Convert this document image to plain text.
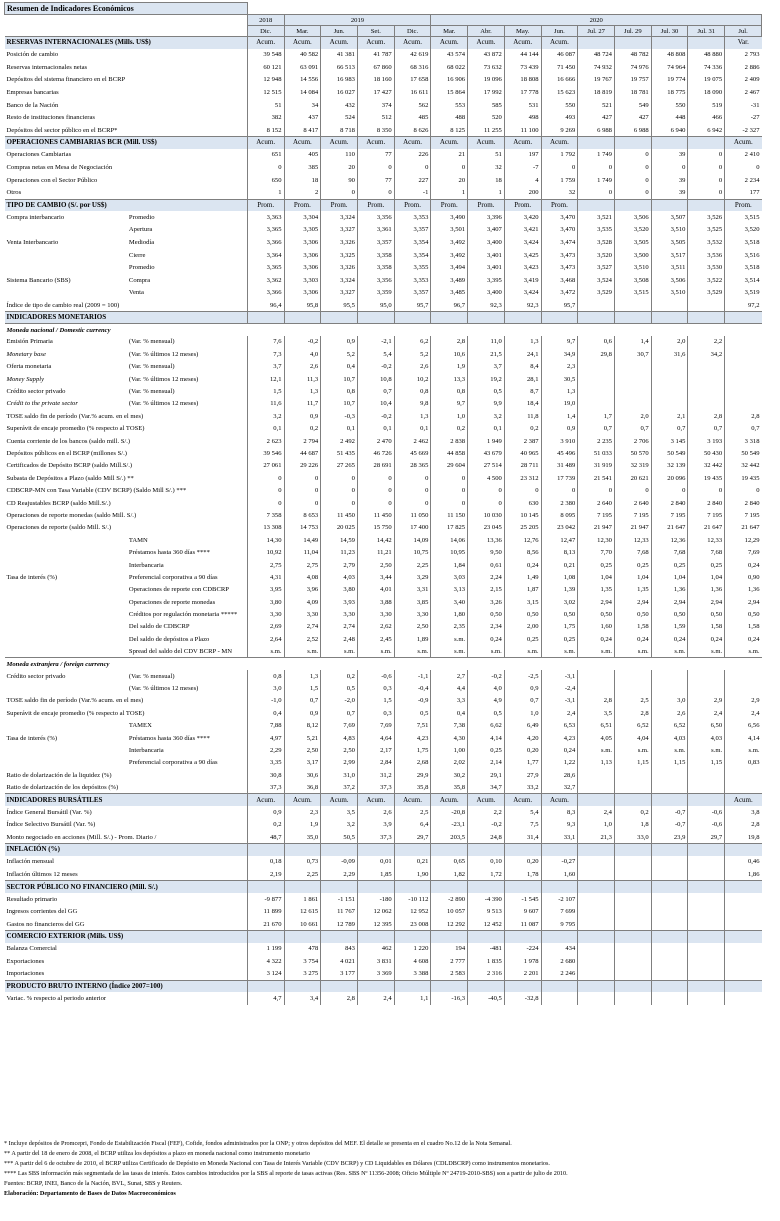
Resumen de Indicadores Económicos															
		2018	2019				2020								
		Dic.	Mar.	Jun.	Set.	Dic.	Mar.	Abr.	May.	Jun.	Jul. 27	Jul. 29	Jul. 30	Jul. 31	Jul.
RESERVAS INTERNACIONALES (Mills. US$)		Acum.	Acum.	Acum.	Acum.	Acum.	Acum.	Acum.	Acum.	Acum.					Var.
Posición de cambio		39 548	40 582	41 381	41 787	42 619	43 574	43 872	44 144	46 087	48 724	48 782	48 808	48 880	2 793
Reservas internacionales netas		60 121	63 091	66 513	67 860	68 316	68 022	73 632	73 439	71 450	74 932	74 976	74 964	74 336	2 886
Depósitos del sistema financiero en el BCRP		12 948	14 556	16 983	18 160	17 658	16 906	19 096	18 808	16 666	19 767	19 757	19 774	19 075	2 409
Empresas bancarias		12 515	14 084	16 027	17 427	16 611	15 864	17 992	17 778	15 623	18 819	18 781	18 775	18 090	2 467
Banco de la Nación		51	34	432	374	562	553	585	531	550	521	549	550	519	-31
Resto de instituciones financieras		382	437	524	512	485	488	520	498	493	427	427	448	466	-27
Depósitos del sector público en el BCRP*		8 152	8 417	8 718	8 350	8 626	8 125	11 255	11 100	9 269	6 988	6 988	6 940	6 942	-2 327
OPERACIONES CAMBIARIAS BCR (Mill. US$)		Acum.	Acum.	Acum.	Acum.	Acum.	Acum.	Acum.	Acum.	Acum.					Acum.
Operaciones Cambiarias		651	405	110	77	226	21	51	197	1 792	1 749	0	39	0	2 410
Compras netas en Mesa de Negociación		0	385	20	0	0	0	32	-7	0	0	0	0	0	0
Operaciones con el Sector Público		650	18	90	77	227	20	18	4	1 759	1 749	0	39	0	2 234
Otros		1	2	0	0	-1	1	1	200	32	0	0	39	0	177
TIPO DE CAMBIO (S/. por US$)		Prom.	Prom.	Prom.	Prom.	Prom.	Prom.	Prom.	Prom.	Prom.					Prom.
Compra interbancario	Promedio	3,363	3,304	3,324	3,356	3,353	3,490	3,396	3,420	3,470	3,521	3,506	3,507	3,526	3,515
	Apertura	3,365	3,305	3,327	3,361	3,357	3,501	3,407	3,421	3,470	3,535	3,520	3,510	3,525	3,520
Venta Interbancario	Mediodía	3,366	3,306	3,326	3,357	3,354	3,492	3,400	3,424	3,474	3,528	3,505	3,505	3,532	3,518
	Cierre	3,364	3,306	3,325	3,358	3,354	3,492	3,401	3,425	3,473	3,520	3,500	3,517	3,536	3,516
	Promedio	3,365	3,306	3,326	3,358	3,355	3,494	3,401	3,423	3,473	3,527	3,510	3,511	3,530	3,518
Sistema Bancario (SBS)	Compra	3,362	3,303	3,324	3,356	3,353	3,489	3,395	3,419	3,468	3,524	3,508	3,506	3,522	3,514
	Venta	3,366	3,306	3,327	3,359	3,357	3,485	3,400	3,424	3,472	3,529	3,515	3,510	3,529	3,519
Índice de tipo de cambio real (2009 = 100)		96,4	95,8	95,5	95,0	95,7	96,7	92,3	92,3	95,7					97,2
INDICADORES MONETARIOS															
Moneda nacional / Domestic currency															
Emisión Primaria	(Var. % mensual)	7,6	-0,2	0,9	-2,1	6,2	2,8	11,0	1,3	9,7	0,6	1,4	2,0	2,2	
Monetary base	(Var. % últimos 12 meses)	7,3	4,0	5,2	5,4	5,2	10,6	21,5	24,1	34,9	29,8	30,7	31,6	34,2	
Oferta monetaria	(Var. % mensual)	3,7	2,6	0,4	-0,2	2,6	1,9	3,7	8,4	2,3					
Money Supply	(Var. % últimos 12 meses)	12,1	11,3	10,7	10,8	10,2	13,3	19,2	28,1	30,5					
Crédito sector privado	(Var. % mensual)	1,5	1,3	0,8	0,7	0,8	0,8	0,5	8,7	1,3					
Crédit to the private sector	(Var. % últimos 12 meses)	11,6	11,7	10,7	10,4	9,8	9,7	9,9	18,4	19,0					
TOSE saldo fin de período (Var.% acum. en el mes)		3,2	0,9	-0,3	-0,2	1,3	1,0	3,2	11,8	1,4	1,7	2,0	2,1	2,8	2,8
Superávit de encaje promedio (% respecto al TOSE)		0,1	0,2	0,1	0,1	0,1	0,2	0,1	0,2	0,9	0,7	0,7	0,7	0,7	0,7
Cuenta corriente de los bancos (saldo mill. S/.)		2 623	2 794	2 492	2 470	2 462	2 838	1 949	2 387	3 910	2 235	2 706	3 145	3 193	3 318
Depósitos públicos en el BCRP (millones S/.)		39 546	44 687	51 435	46 726	45 669	44 858	43 679	40 965	45 496	51 033	50 570	50 549	50 430	50 549
Certificados de Depósito BCRP (saldo Mill.S/.)		27 061	29 226	27 265	28 691	28 365	29 604	27 514	28 711	31 489	31 919	32 319	32 139	32 442	32 442
Subasta de Depósitos a Plazo (saldo Mill S/.) **		0	0	0	0	0	0	4 500	23 312	17 739	21 541	20 621	20 096	19 435	19 435
CDBCRP-MN con Tasa Variable (CDV BCRP) (Saldo Mill S/.) ***		0	0	0	0	0	0	0	0	0	0	0	0	0	0
CD Reajustables BCRP (saldo Mill.S/.)		0	0	0	0	0	0	0	630	2 380	2 640	2 640	2 840	2 840	2 840
Operaciones de reporte monedas (saldo Mill. S/.)		7 358	8 653	11 450	11 450	11 050	11 150	10 030	10 145	8 095	7 195	7 195	7 195	7 195	7 195
Operaciones de reporte (saldo Mill. S/.)		13 308	14 753	20 025	15 750	17 400	17 825	23 045	25 205	23 042	21 947	21 947	21 647	21 647	21 647
	TAMN	14,30	14,49	14,59	14,42	14,09	14,06	13,36	12,76	12,47	12,30	12,33	12,36	12,33	12,29
	Préstamos hasta 360 días ****	10,92	11,04	11,23	11,21	10,75	10,95	9,50	8,56	8,13	7,70	7,68	7,68	7,68	7,69
	Interbancaria	2,75	2,75	2,79	2,50	2,25	1,84	0,61	0,24	0,21	0,25	0,25	0,25	0,25	0,24
Tasa de interés (%)	Preferencial corporativa a 90 días	4,31	4,08	4,03	3,44	3,29	3,03	2,24	1,49	1,08	1,04	1,04	1,04	1,04	0,90
	Operaciones de reporte con CDBCRP	3,95	3,96	3,80	4,01	3,31	3,13	2,15	1,87	1,39	1,35	1,35	1,36	1,36	1,36
	Operaciones de reporte monedas	3,80	4,09	3,93	3,88	3,85	3,40	3,26	3,15	3,02	2,94	2,94	2,94	2,94	2,94
	Créditos por regulación monetaria *****	3,30	3,30	3,30	3,30	3,30	1,80	0,50	0,50	0,50	0,50	0,50	0,50	0,50	0,50
	Del saldo de CDBCRP	2,69	2,74	2,74	2,62	2,50	2,35	2,34	2,00	1,75	1,60	1,58	1,59	1,58	1,58
	Del saldo de depósitos a Plazo	2,64	2,52	2,48	2,45	1,89	s.m.	0,24	0,25	0,25	0,24	0,24	0,24	0,24	0,24
	Spread del saldo del CDV BCRP - MN	s.m.	s.m.	s.m.	s.m.	s.m.	s.m.	s.m.	s.m.	s.m.	s.m.	s.m.	s.m.	s.m.	s.m.
Moneda extranjera / foreign currency															
Crédito sector privado	(Var. % mensual)	0,8	1,3	0,2	-0,6	-1,1	2,7	-0,2	-2,5	-3,1					
	(Var. % últimos 12 meses)	3,0	1,5	0,5	0,3	-0,4	4,4	4,0	0,9	-2,4					
TOSE saldo fin de período (Var.% acum. en el mes)		-1,0	0,7	-2,0	1,5	-0,9	3,3	4,9	0,7	-3,1	2,8	2,5	3,0	2,9	2,9
Superávit de encaje promedio (% respecto al TOSE)		0,4	0,9	0,7	0,3	0,5	0,4	0,5	1,0	2,4	3,5	2,8	2,6	2,4	2,4
	TAMEX	7,88	8,12	7,69	7,69	7,51	7,38	6,62	6,49	6,53	6,51	6,52	6,52	6,50	6,56
Tasa de interés (%)	Préstamos hasta 360 días ****	4,97	5,21	4,83	4,64	4,23	4,30	4,14	4,20	4,23	4,05	4,04	4,03	4,03	4,14
	Interbancaria	2,29	2,50	2,50	2,17	1,75	1,00	0,25	0,20	0,24	s.m.	s.m.	s.m.	s.m.	s.m.
	Preferencial corporativa a 90 días	3,35	3,17	2,99	2,84	2,68	2,02	2,14	1,77	1,22	1,13	1,15	1,15	1,15	0,83
Ratio de dolarización de la liquidez (%)		30,8	30,6	31,0	31,2	29,9	30,2	29,1	27,9	28,6					
Ratio de dolarización de los depósitos (%)		37,3	36,8	37,2	37,3	35,8	35,8	34,7	33,2	32,7					
INDICADORES BURSÁTILES		Acum.	Acum.	Acum.	Acum.	Acum.	Acum.	Acum.	Acum.	Acum.					Acum.
Índice General Bursátil (Var. %)		0,9	2,3	3,5	2,6	2,5	-20,8	2,2	5,4	8,3	2,4	0,2	-0,7	-0,6	3,8
Índice Selectivo Bursátil (Var. %)		0,2	1,9	3,2	3,9	6,4	-23,1	-0,2	7,5	9,3	1,0	1,8	-0,7	-0,6	2,8
Monto negociado en acciones (Mill. S/.) - Prom. Diario /		48,7	35,0	50,5	37,3	29,7	203,5	24,8	31,4	33,1	21,3	33,0	23,9	29,7	19,8
INFLACIÓN (%)															
Inflación mensual		0,18	0,73	-0,09	0,01	0,21	0,65	0,10	0,20	-0,27					0,46
Inflación últimos 12 meses		2,19	2,25	2,29	1,85	1,90	1,82	1,72	1,78	1,60					1,86
SECTOR PÚBLICO NO FINANCIERO (Mill. S/.)															
Resultado primario		-9 877	1 861	-1 151	-180	-10 112	-2 890	-4 390	-1 545	-2 107					
Ingresos corrientes del GG		11 899	12 615	11 767	12 062	12 952	10 057	9 513	9 607	7 699					
Gastos no financieros del GG		21 670	10 661	12 789	12 395	23 008	12 292	12 452	11 087	9 795					
COMERCIO EXTERIOR (Mills. US$)															
Balanza Comercial		1 199	478	843	462	1 220	194	-481	-224	434					
Exportaciones		4 322	3 754	4 021	3 831	4 608	2 777	1 835	1 978	2 680					
Importaciones		3 124	3 275	3 177	3 369	3 388	2 583	2 316	2 201	2 246					
PRODUCTO BRUTO INTERNO (Índice 2007=100)															
Variac. % respecto al periodo anterior		4,7	3,4	2,8	2,4	1,1	-16,3	-40,5	-32,8						
* Incluye depósitos de Promcepri, Fondo de Estabilización Fiscal (FEF), Cofide, fondos administrados por la ONP; y otros depósitos del MEF. El detalle se presenta en el cuadro No.12 de la Nota Semanal.
** A partir del 18 de enero de 2008, el BCRP utiliza los depósitos a plazo en moneda nacional como instrumento monetario
*** A partir del 6 de octubre de 2010, el BCRP utiliza Certificado de Depósito en Moneda Nacional con Tasa de Interés Variable (CDV BCRP) y CD Liquidables en Dólares (CDLDBCRP) como instrumentos monetarios.
**** Las SBS información más segmentada de las tasas de interés. Estos cambios introducidos por la SBS al reporte de tasas activas (Res. SBS Nº 11356-2008; Oficio Múltiple Nº 24719-2010-SBS) son a partir de julio de 2010.
Fuentes: BCRP, INEI, Banco de la Nación, BVL, Sunat, SBS y Reuters.
Elaboración: Departamento de Bases de Datos Macroeconómicos
